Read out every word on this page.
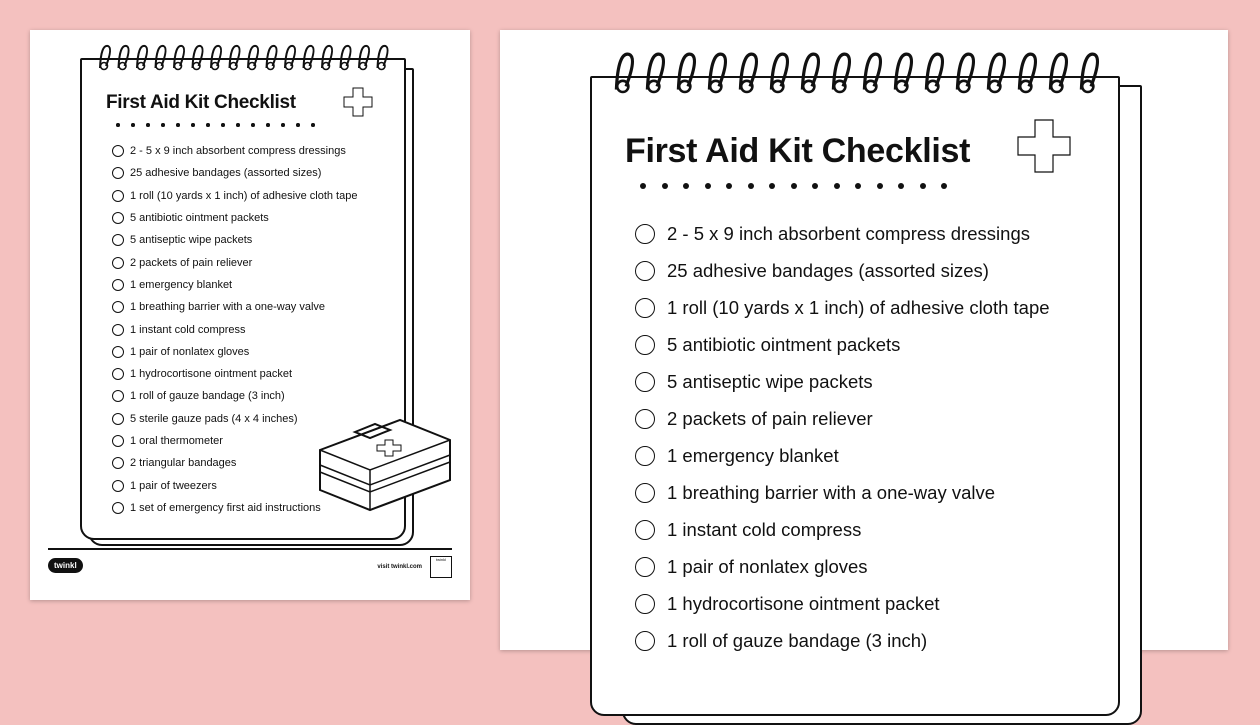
First Aid Kit Checklist
2 - 5 x 9 inch absorbent compress dressings
25 adhesive bandages (assorted sizes)
1 roll (10 yards x 1 inch) of adhesive cloth tape
5 antibiotic ointment packets
5 antiseptic wipe packets
2 packets of pain reliever
1 emergency blanket
1 breathing barrier with a one-way valve
1 instant cold compress
1 pair of nonlatex gloves
1 hydrocortisone ointment packet
1 roll of gauze bandage (3 inch)
5 sterile gauze pads (4 x 4 inches)
1 oral thermometer
2 triangular bandages
1 pair of tweezers
1 set of emergency first aid instructions
twinkl	visit twinkl.com
twinkl
First Aid Kit Checklist
2 - 5 x 9 inch absorbent compress dressings
25 adhesive bandages (assorted sizes)
1 roll (10 yards x 1 inch) of adhesive cloth tape
5 antibiotic ointment packets
5 antiseptic wipe packets
2 packets of pain reliever
1 emergency blanket
1 breathing barrier with a one-way valve
1 instant cold compress
1 pair of nonlatex gloves
1 hydrocortisone ointment packet
1 roll of gauze bandage (3 inch)
